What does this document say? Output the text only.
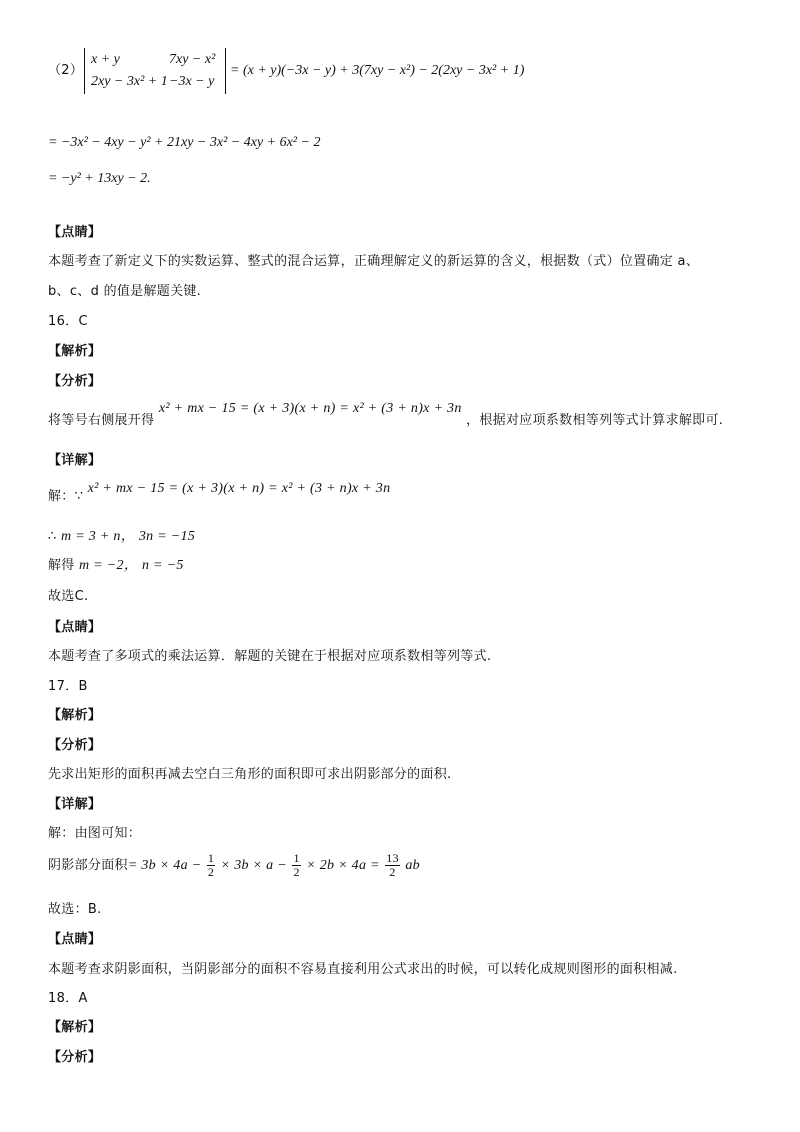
（2）
x + y	7xy − x²
2xy − 3x² + 1 −3x − y
= (x + y)(−3x − y) + 3(7xy − x²) − 2(2xy − 3x² + 1)
= −3x² − 4xy − y² + 21xy − 3x² − 4xy + 6x² − 2
= −y² + 13xy − 2.
【点睛】
本题考查了新定义下的实数运算、整式的混合运算，正确理解定义的新运算的含义，根据数（式）位置确定 a、
b、c、d 的值是解题关键.
16．C
【解析】
【分析】
将等号右侧展开得 x² + mx − 15 = (x + 3)(x + n) = x² + (3 + n)x + 3n ，根据对应项系数相等列等式计算求解即可.
【详解】
解：∵ x² + mx − 15 = (x + 3)(x + n) = x² + (3 + n)x + 3n
∴ m = 3 + n， 3n = −15
解得 m = −2， n = −5
故选C.
【点睛】
本题考查了多项式的乘法运算．解题的关键在于根据对应项系数相等列等式.
17．B
【解析】
【分析】
先求出矩形的面积再减去空白三角形的面积即可求出阴影部分的面积.
【详解】
解：由图可知：
阴影部分面积= $3b \times 4a - \frac{1}{2} \times 3b \times a - \frac{1}{2} \times 2b \times 4a = \frac{13}{2}$ ab
故选：B.
【点睛】
本题考查求阴影面积，当阴影部分的面积不容易直接利用公式求出的时候，可以转化成规则图形的面积相减.
18．A
【解析】
【分析】
